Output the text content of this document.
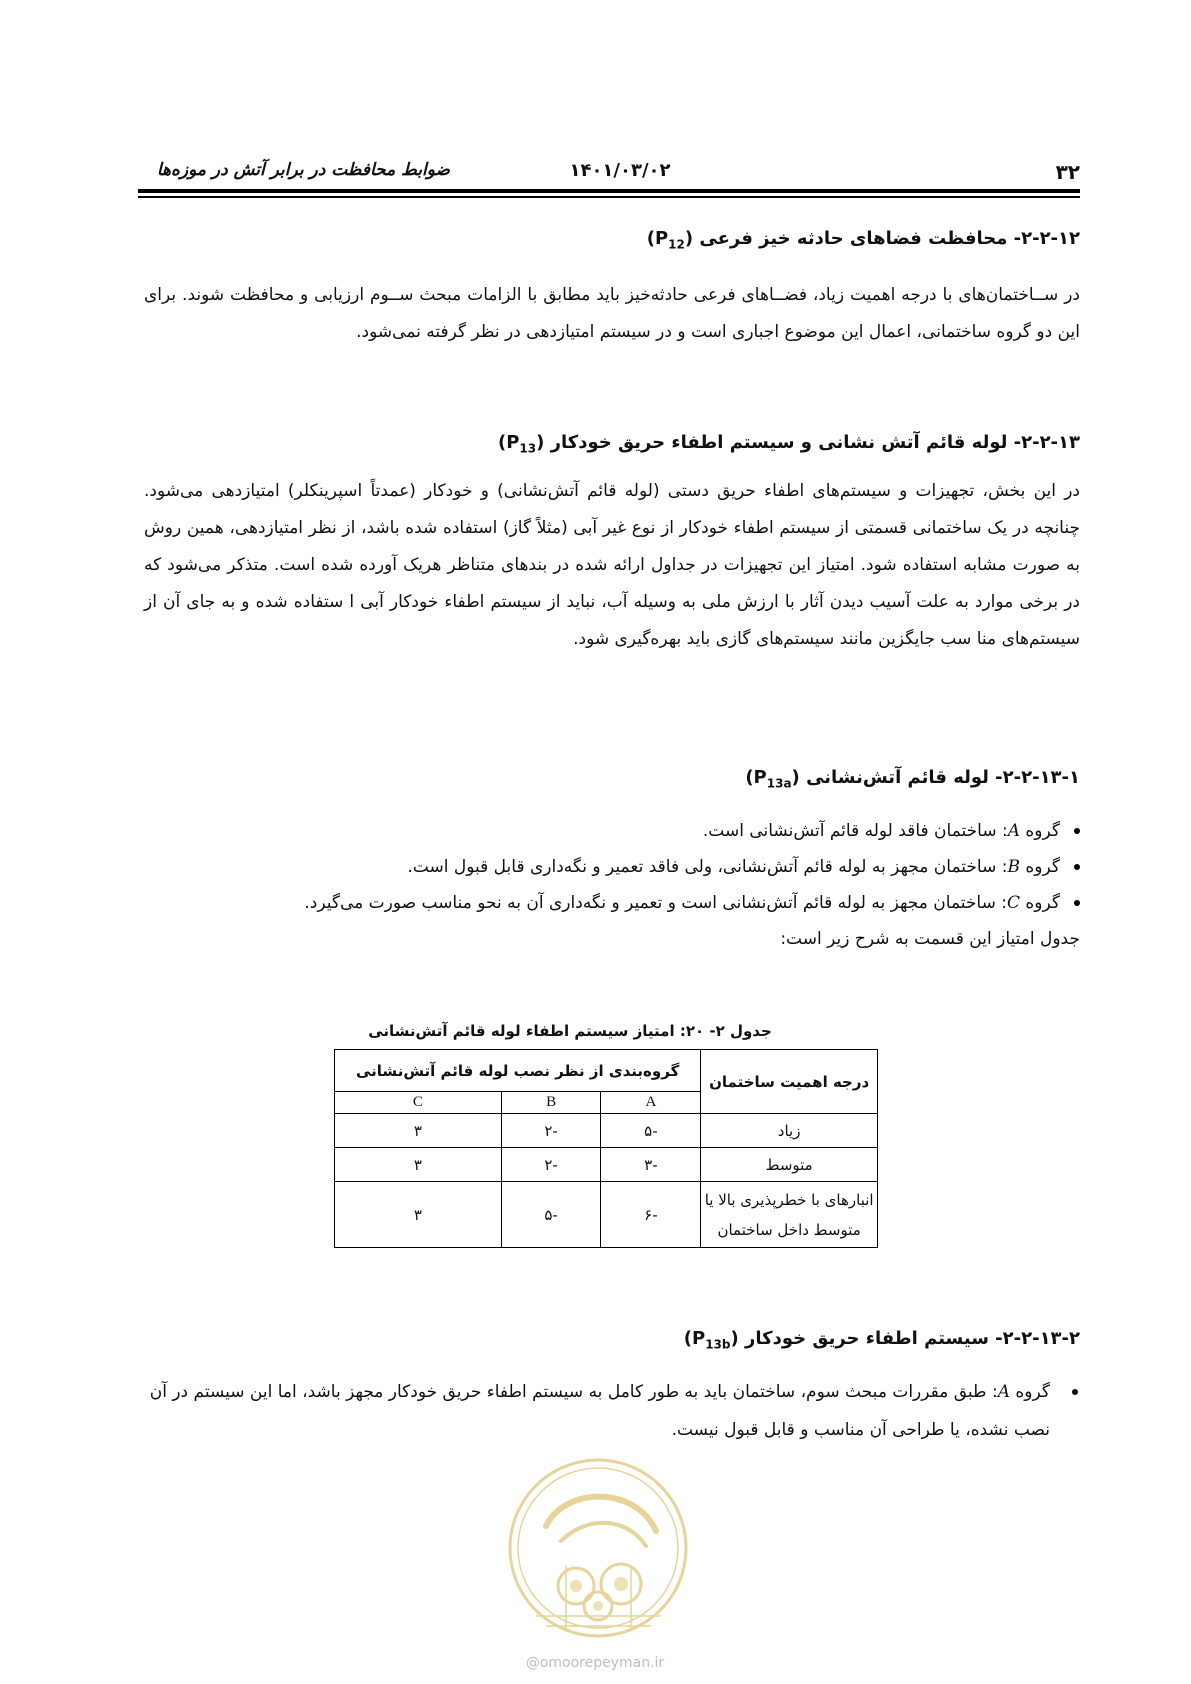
۳۲
۱۴۰۱/۰۳/۰۲
ضوابط محافظت در برابر آتش در موزه‌ها
۲-۲-۱۲- محافظت فضاهای حادثه خیز فرعی $(P_{12})$
در ســاختمان‌های با درجه اهمیت زیاد، فضــاهای فرعی حادثه‌خیز باید مطابق با الزامات مبحث ســوم ارزیابی و محافظت شوند. برای این دو گروه ساختمانی، اعمال این موضوع اجباری است و در سیستم امتیازدهی در نظر گرفته نمی‌شود.
۲-۲-۱۳- لوله قائم آتش نشانی و سیستم اطفاء حریق خودکار $(P_{13})$
در این بخش، تجهیزات و سیستم‌های اطفاء حریق دستی (لوله قائم آتش‌نشانی) و خودکار (عمدتاً اسپرینکلر) امتیازدهی می‌شود. چنانچه در یک ساختمانی قسمتی از سیستم اطفاء خودکار از نوع غیر آبی (مثلاً گاز) استفاده شده باشد، از نظر امتیازدهی، همین روش به صورت مشابه استفاده شود. امتیاز این تجهیزات در جداول ارائه شده در بندهای متناظر هریک آورده شده است. متذکر می‌شود که در برخی موارد به علت آسیب دیدن آثار با ارزش ملی به وسیله آب، نباید از سیستم اطفاء خودکار آبی ا ستفاده شده و به جای آن از سیستم‌های منا سب جایگزین مانند سیستم‌های گازی باید بهره‌گیری شود.
۲-۲-۱۳-۱- لوله قائم آتش‌نشانی $(P_{13a})$
گروه A: ساختمان فاقد لوله قائم آتش‌نشانی است.
گروه B: ساختمان مجهز به لوله قائم آتش‌نشانی، ولی فاقد تعمیر و نگه‌داری قابل قبول است.
گروه C: ساختمان مجهز به لوله قائم آتش‌نشانی است و تعمیر و نگه‌داری آن به نحو مناسب صورت می‌گیرد.
جدول امتیاز این قسمت به شرح زیر است:
جدول ۲- ۲۰: امتیاز سیستم اطفاء لوله قائم آتش‌نشانی
درجه اهمیت ساختمان	گروه‌بندی از نظر نصب لوله قائم آتش‌نشانی		
	A	B	C
زیاد	-۵	-۲	۳
متوسط	-۳	-۲	۳

انبارهای با خطرپذیری بالا یا
متوسط داخل ساختمان	-۶	-۵	۳
۲-۲-۱۳-۲- سیستم اطفاء حریق خودکار $(P_{13b})$
گروه A: طبق مقررات مبحث سوم، ساختمان باید به طور کامل به سیستم اطفاء حریق خودکار مجهز باشد، اما این سیستم در آن نصب نشده، یا طراحی آن مناسب و قابل قبول نیست.
@omoorepeyman.ir
